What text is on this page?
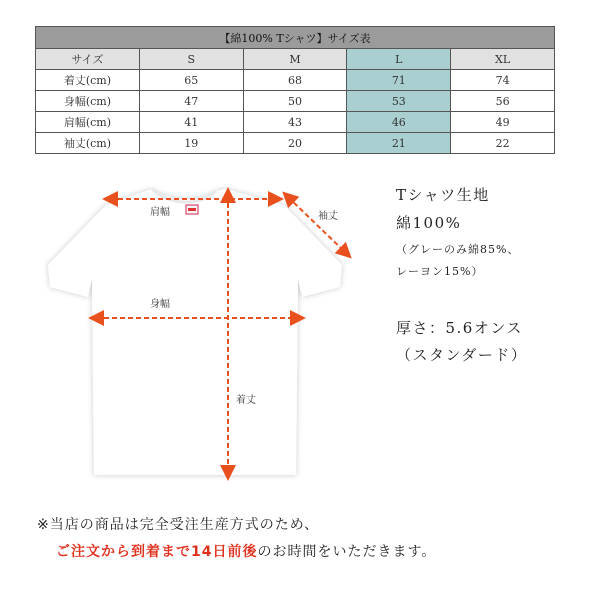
【綿100% Tシャツ】サイズ表				
サイズ	S	M	L	XL
着丈(cm)	65	68	71	74
身幅(cm)	47	50	53	56
肩幅(cm)	41	43	46	49
袖丈(cm)	19	20	21	22
肩幅	袖丈
身幅
着丈
Tシャツ生地
綿100%
（グレーのみ綿85%、
レーヨン15%）
厚さ：5.6オンス
（スタンダード）
※当店の商品は完全受注生産方式のため、
ご注文から到着まで14日前後のお時間をいただきます。
